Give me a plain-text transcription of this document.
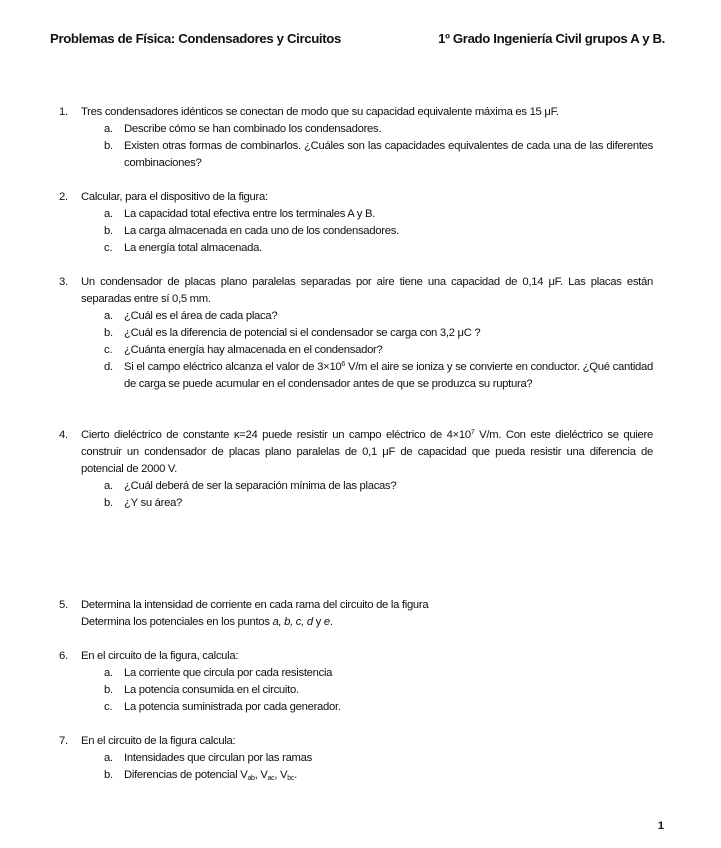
Problemas de Física: Condensadores y Circuitos	1º Grado Ingeniería Civil grupos A y B.
1.	Tres condensadores idénticos se conectan de modo que su capacidad equivalente máxima es 15 μF.
a. Describe cómo se han combinado los condensadores.
b. Existen otras formas de combinarlos. ¿Cuáles son las capacidades equivalentes de cada una de las diferentes combinaciones?
2.	Calcular, para el dispositivo de la figura:
a. La capacidad total efectiva entre los terminales A y B.
b. La carga almacenada en cada uno de los condensadores.
c.	La energía total almacenada.
3.	Un condensador de placas plano paralelas separadas por aire tiene una capacidad de 0,14 μF. Las placas están separadas entre sí 0,5 mm.
a. ¿Cuál es el área de cada placa?
b. ¿Cuál es la diferencia de potencial si el condensador se carga con 3,2 μC ?
c.	¿Cuánta energía hay almacenada en el condensador?
d. Si el campo eléctrico alcanza el valor de $3\times 10^6$ V/m el aire se ioniza y se convierte en conductor. ¿Qué cantidad de carga se puede acumular en el condensador antes de que se produzca su ruptura?
4.	Cierto dieléctrico de constante κ=24 puede resistir un campo eléctrico de $4\times 10^7$ V/m. Con este dieléctrico se quiere construir un condensador de placas plano paralelas de 0,1 μF de capacidad que pueda resistir una diferencia de potencial de 2000 V.
a. ¿Cuál deberá de ser la separación mínima de las placas?
b. ¿Y su área?
5.	Determina la intensidad de corriente en cada rama del circuito de la figura
Determina los potenciales en los puntos a, b, c, d y e.
6.	En el circuito de la figura, calcula:
a. La corriente que circula por cada resistencia
b. La potencia consumida en el circuito.
c.	La potencia suministrada por cada generador.
7.	En el circuito de la figura calcula:
a. Intensidades que circulan por las ramas
b. Diferencias de potencial $V_{ab}$, $V_{ac}$, $V_{bc}$.
1
